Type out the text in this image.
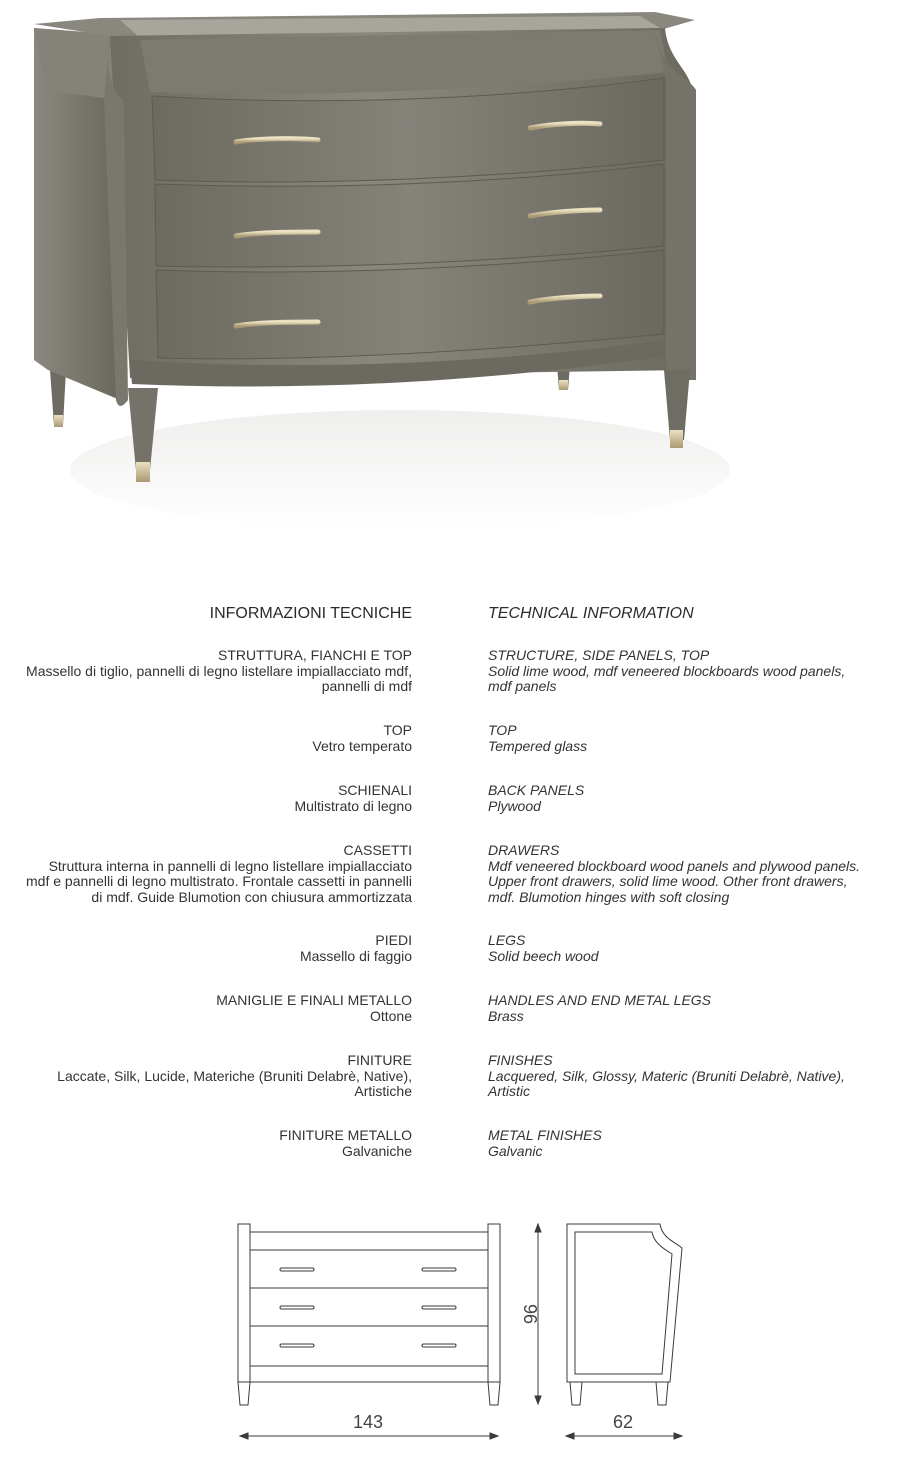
INFORMAZIONI TECNICHE	TECHNICAL INFORMATION
STRUTTURA, FIANCHI E TOP
Massello di tiglio, pannelli di legno listellare impiallacciato mdf,
pannelli di mdf
STRUCTURE, SIDE PANELS, TOP
Solid lime wood, mdf veneered blockboards wood panels,
mdf panels
TOP
Vetro temperato
TOP
Tempered glass
SCHIENALI
Multistrato di legno
BACK PANELS
Plywood
CASSETTI
Struttura interna in pannelli di legno listellare impiallacciato
mdf e pannelli di legno multistrato. Frontale cassetti in pannelli
di mdf. Guide Blumotion con chiusura ammortizzata
DRAWERS
Mdf veneered blockboard wood panels and plywood panels.
Upper front drawers, solid lime wood. Other front drawers,
mdf. Blumotion hinges with soft closing
PIEDI
Massello di faggio
LEGS
Solid beech wood
MANIGLIE E FINALI METALLO
Ottone
HANDLES AND END METAL LEGS
Brass
FINITURE
Laccate, Silk, Lucide, Materiche (Bruniti Delabrè, Native),
Artistiche
FINISHES
Lacquered, Silk, Glossy, Materic (Bruniti Delabrè, Native),
Artistic
FINITURE METALLO
Galvaniche
METAL FINISHES
Galvanic
143	62
96
